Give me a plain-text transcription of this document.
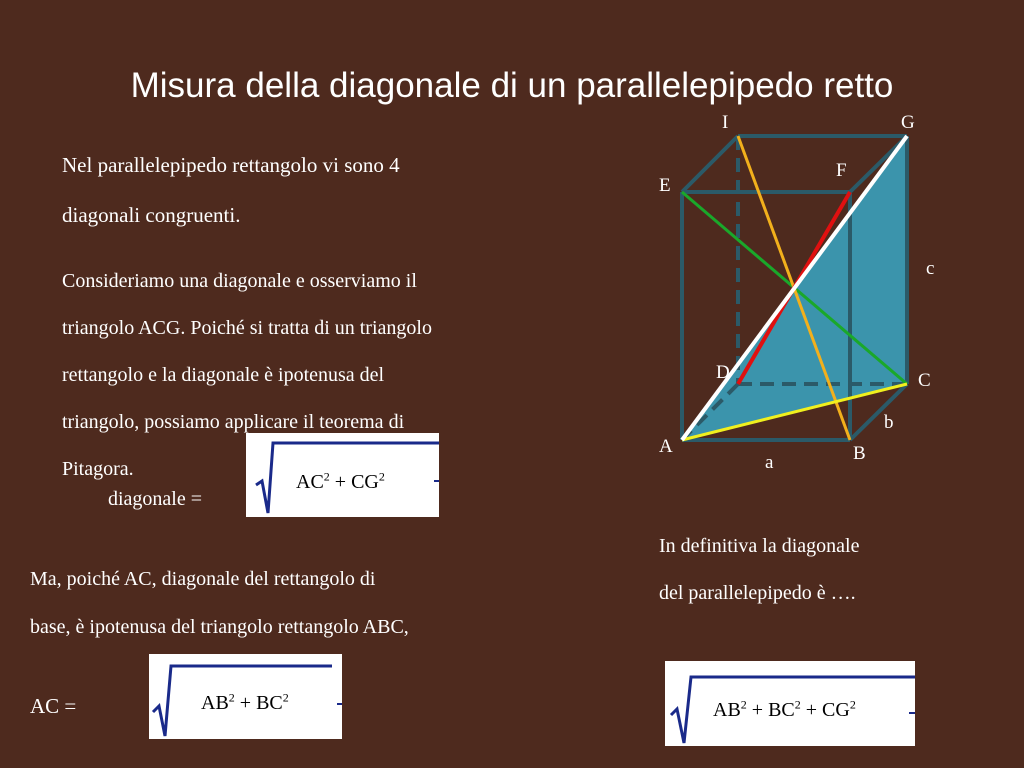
Misura della diagonale di un parallelepipedo retto
Nel parallelepipedo rettangolo vi sono 4
diagonali congruenti.
Consideriamo una diagonale e osserviamo il
triangolo ACG. Poiché si tratta di un triangolo
rettangolo e la diagonale è ipotenusa del
triangolo, possiamo applicare il teorema di
Pitagora.
diagonale =
$AC^2 + CG^2$
Ma, poiché AC, diagonale del rettangolo di
base, è ipotenusa del triangolo rettangolo ABC,
AC =	$AB^2 + BC^2$
In definitiva la diagonale
del parallelepipedo è ….
$AB^2 + BC^2 + CG^2$
I	G
F
E
c
D	C
b
A	B
a
